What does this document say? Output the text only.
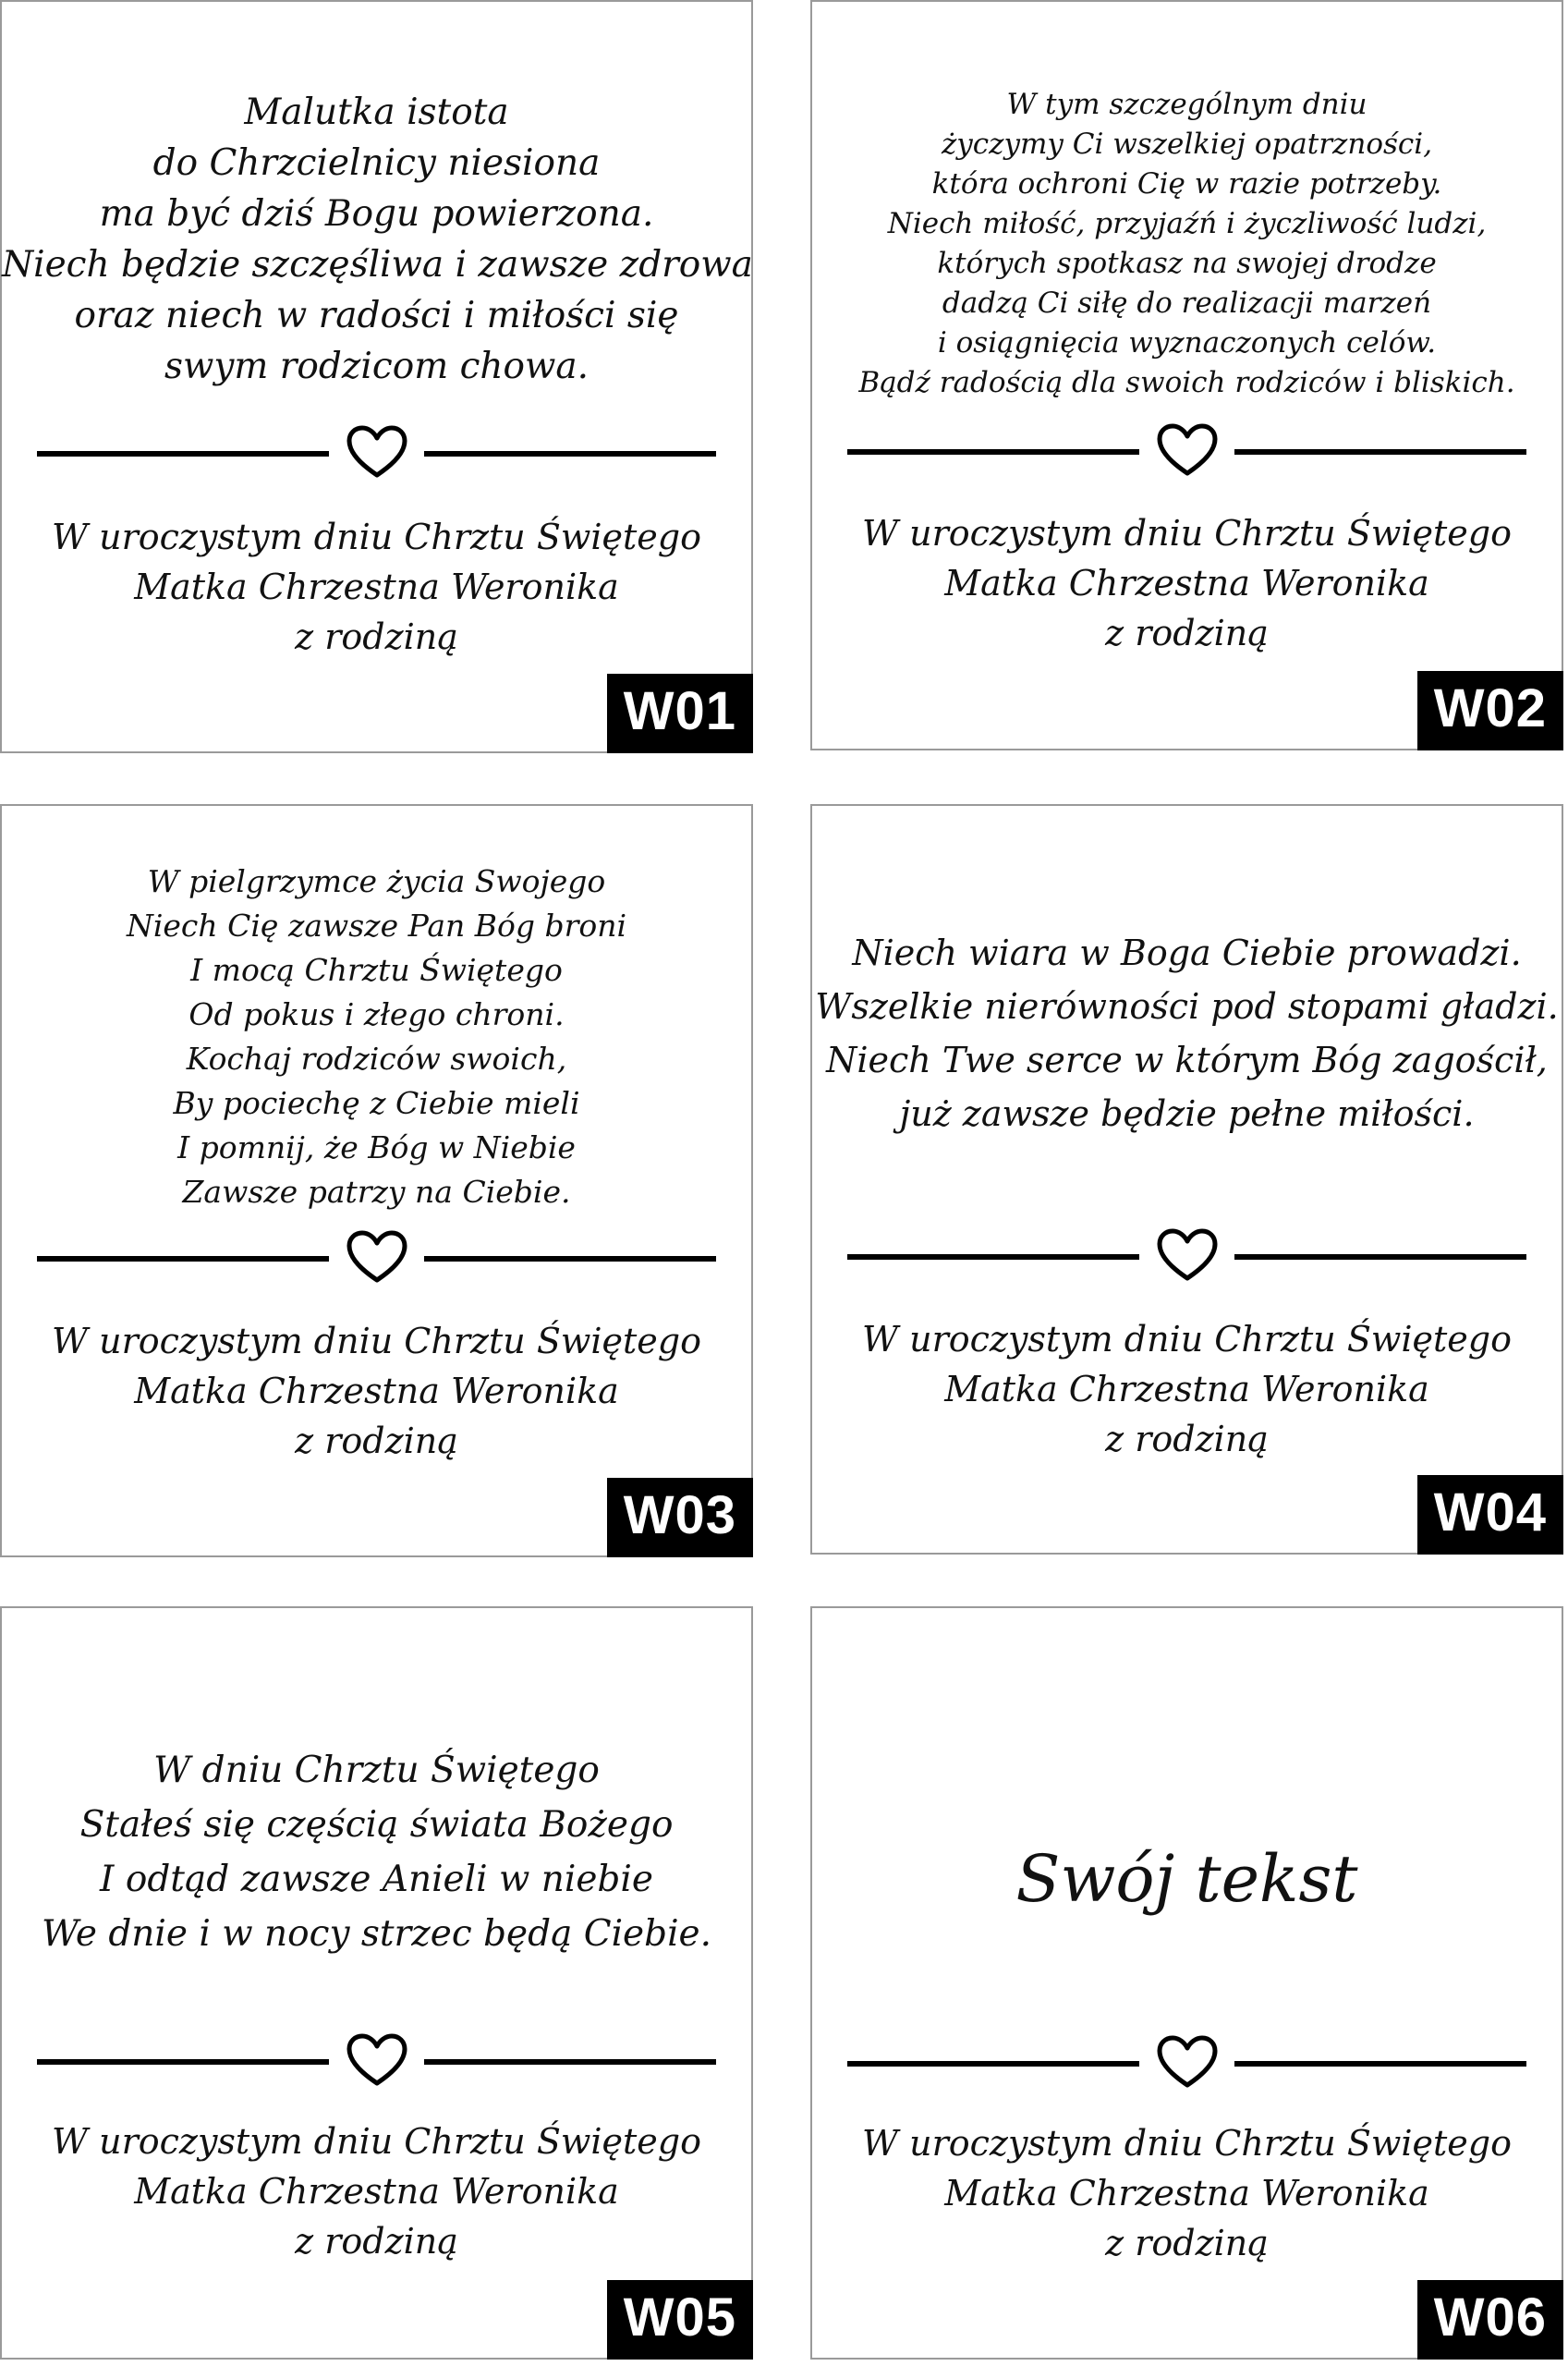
Malutka istota
do Chrzcielnicy niesiona
ma być dziś Bogu powierzona.
Niech będzie szczęśliwa i zawsze zdrowa
oraz niech w radości i miłości się
swym rodzicom chowa.
W uroczystym dniu Chrztu Świętego
Matka Chrzestna Weronika
z rodziną
W01
W tym szczególnym dniu
życzymy Ci wszelkiej opatrzności,
która ochroni Cię w razie potrzeby.
Niech miłość, przyjaźń i życzliwość ludzi,
których spotkasz na swojej drodze
dadzą Ci siłę do realizacji marzeń
i osiągnięcia wyznaczonych celów.
Bądź radością dla swoich rodziców i bliskich.
W uroczystym dniu Chrztu Świętego
Matka Chrzestna Weronika
z rodziną
W02
W pielgrzymce życia Swojego
Niech Cię zawsze Pan Bóg broni
I mocą Chrztu Świętego
Od pokus i złego chroni.
Kochaj rodziców swoich,
By pociechę z Ciebie mieli
I pomnij, że Bóg w Niebie
Zawsze patrzy na Ciebie.
W uroczystym dniu Chrztu Świętego
Matka Chrzestna Weronika
z rodziną
W03
Niech wiara w Boga Ciebie prowadzi.
Wszelkie nierówności pod stopami gładzi.
Niech Twe serce w którym Bóg zagościł,
już zawsze będzie pełne miłości.
W uroczystym dniu Chrztu Świętego
Matka Chrzestna Weronika
z rodziną
W04
W dniu Chrztu Świętego
Stałeś się częścią świata Bożego
I odtąd zawsze Anieli w niebie
We dnie i w nocy strzec będą Ciebie.
W uroczystym dniu Chrztu Świętego
Matka Chrzestna Weronika
z rodziną
W05
Swój tekst
W uroczystym dniu Chrztu Świętego
Matka Chrzestna Weronika
z rodziną
W06
